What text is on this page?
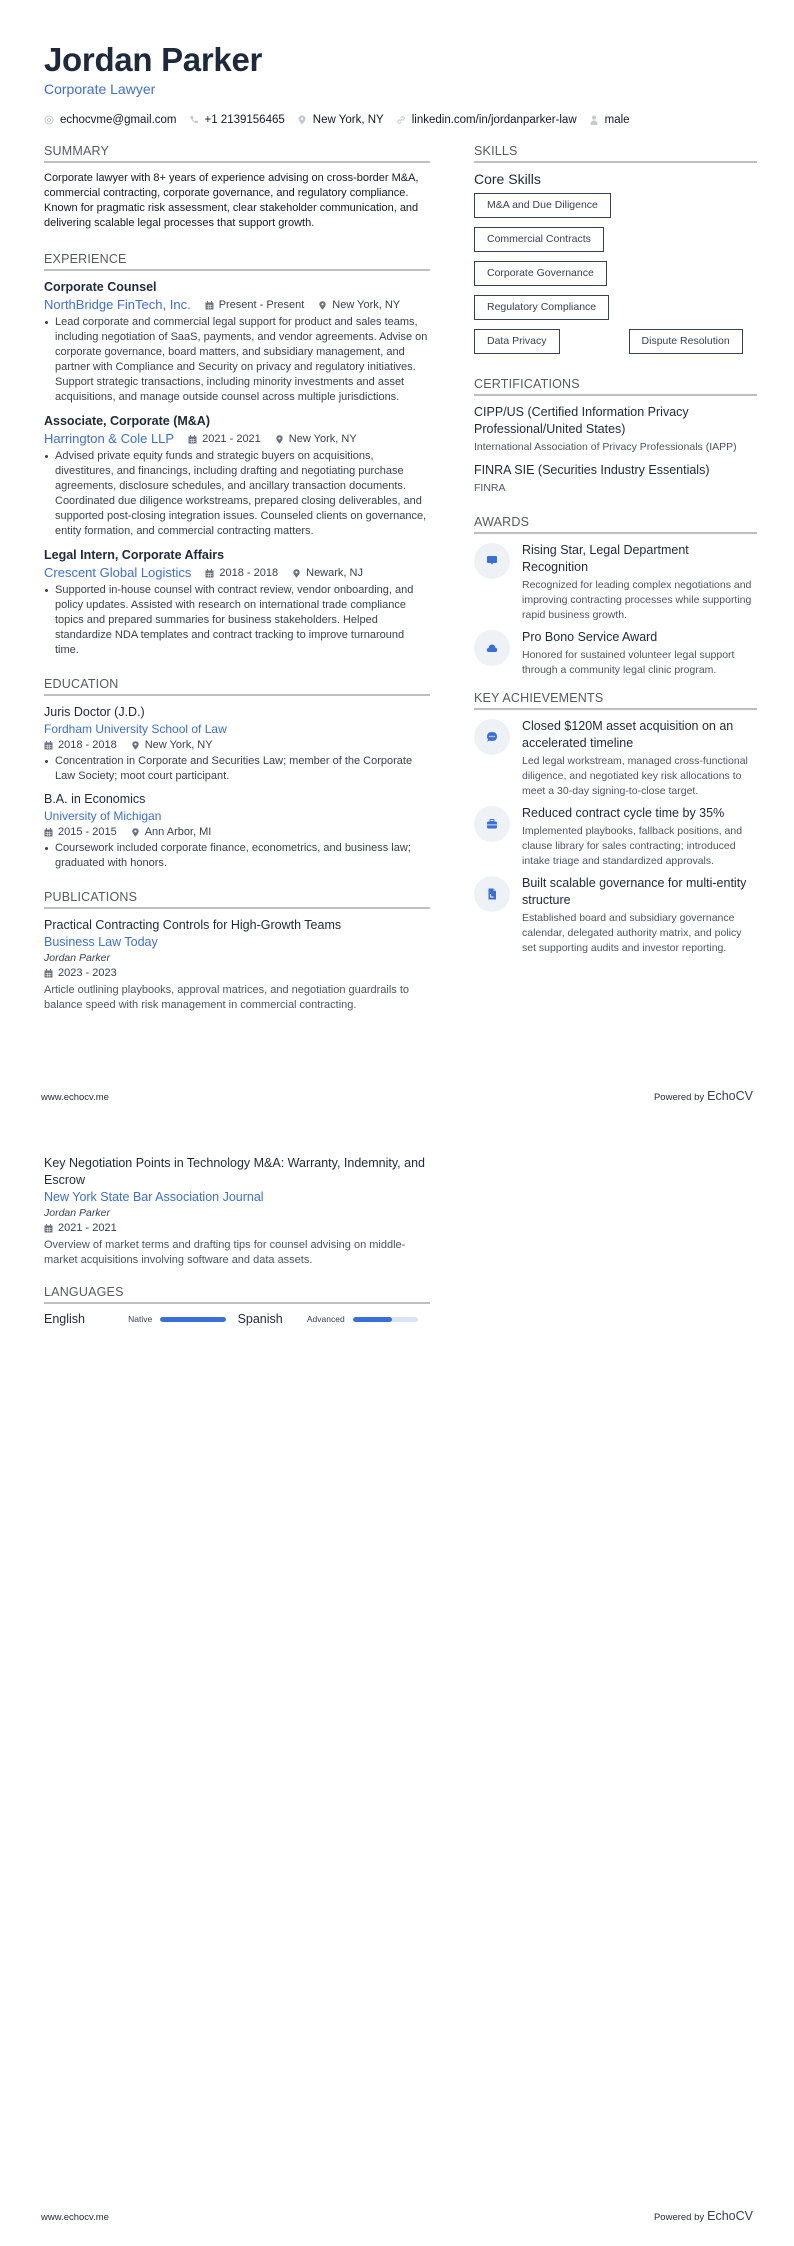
Jordan Parker
Corporate Lawyer
echocvme@gmail.com +1 2139156465 New York, NY linkedin.com/in/jordanparker-law male
SUMMARY

Corporate lawyer with 8+ years of experience advising on cross-border M&A, commercial contracting, corporate governance, and regulatory compliance. Known for pragmatic risk assessment, clear stakeholder communication, and delivering scalable legal processes that support growth.

EXPERIENCE
Corporate Counsel
NorthBridge FinTech, Inc.	Present - Present	New York, NY
Lead corporate and commercial legal support for product and sales teams, including negotiation of SaaS, payments, and vendor agreements. Advise on corporate governance, board matters, and subsidiary management, and partner with Compliance and Security on privacy and regulatory initiatives. Support strategic transactions, including minority investments and asset acquisitions, and manage outside counsel across multiple jurisdictions.
Associate, Corporate (M&A)
Harrington & Cole LLP	2021 - 2021	New York, NY
Advised private equity funds and strategic buyers on acquisitions, divestitures, and financings, including drafting and negotiating purchase agreements, disclosure schedules, and ancillary transaction documents. Coordinated due diligence workstreams, prepared closing deliverables, and supported post-closing integration issues. Counseled clients on governance, entity formation, and commercial contracting matters.
Legal Intern, Corporate Affairs
Crescent Global Logistics	2018 - 2018	Newark, NJ
Supported in-house counsel with contract review, vendor onboarding, and policy updates. Assisted with research on international trade compliance topics and prepared summaries for business stakeholders. Helped standardize NDA templates and contract tracking to improve turnaround time.
EDUCATION
Juris Doctor (J.D.)
Fordham University School of Law
2018 - 2018	New York, NY
Concentration in Corporate and Securities Law; member of the Corporate Law Society; moot court participant.
B.A. in Economics
University of Michigan
2015 - 2015	Ann Arbor, MI
Coursework included corporate finance, econometrics, and business law; graduated with honors.
PUBLICATIONS
Practical Contracting Controls for High-Growth Teams
Business Law Today
Jordan Parker
2023 - 2023
Article outlining playbooks, approval matrices, and negotiation guardrails to balance speed with risk management in commercial contracting.
SKILLS
Core Skills
M&A and Due Diligence
Commercial Contracts
Corporate Governance
Regulatory Compliance
Data Privacy	Dispute Resolution
CERTIFICATIONS
CIPP/US (Certified Information Privacy Professional/United States)
International Association of Privacy Professionals (IAPP)
FINRA SIE (Securities Industry Essentials)
FINRA
AWARDS
Rising Star, Legal Department Recognition
Recognized for leading complex negotiations and improving contracting processes while supporting rapid business growth.
Pro Bono Service Award
Honored for sustained volunteer legal support through a community legal clinic program.
KEY ACHIEVEMENTS
Closed $120M asset acquisition on an accelerated timeline
Led legal workstream, managed cross-functional diligence, and negotiated key risk allocations to meet a 30-day signing-to-close target.
Reduced contract cycle time by 35%
Implemented playbooks, fallback positions, and clause library for sales contracting; introduced intake triage and standardized approvals.
Built scalable governance for multi-entity structure
Established board and subsidiary governance calendar, delegated authority matrix, and policy set supporting audits and investor reporting.
www.echocv.me	Powered by EchoCV
Key Negotiation Points in Technology M&A: Warranty, Indemnity, and Escrow
New York State Bar Association Journal
Jordan Parker
2021 - 2021
Overview of market terms and drafting tips for counsel advising on middle-market acquisitions involving software and data assets.
LANGUAGES
English	Native	Spanish	Advanced
www.echocv.me	Powered by EchoCV
